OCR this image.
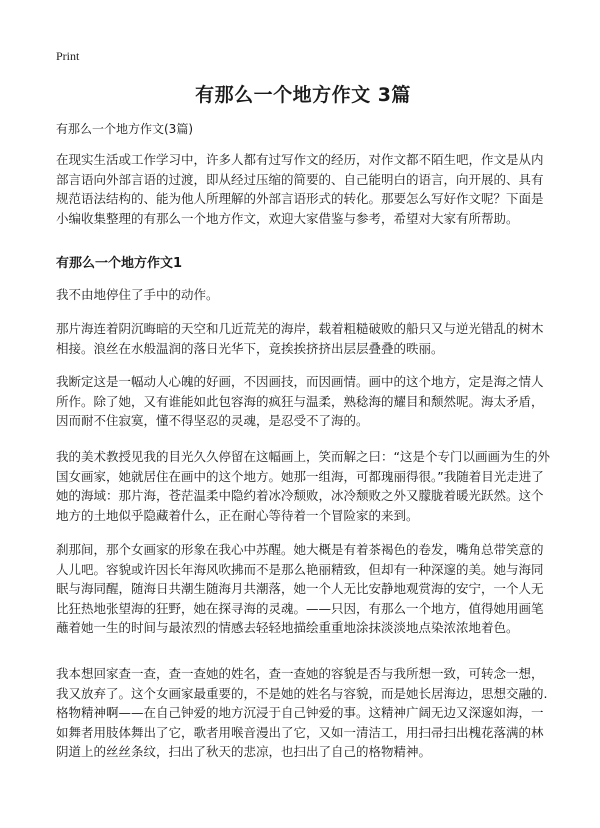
Print
有那么一个地方作文 3篇

有那么一个地方作文(3篇)

在现实生活或工作学习中，许多人都有过写作文的经历，对作文都不陌生吧，作文是从内部言语向外部言语的过渡，即从经过压缩的简要的、自己能明白的语言，向开展的、具有规范语法结构的、能为他人所理解的外部言语形式的转化。那要怎么写好作文呢？下面是小编收集整理的有那么一个地方作文，欢迎大家借鉴与参考，希望对大家有所帮助。

有那么一个地方作文1

我不由地停住了手中的动作。

那片海连着阴沉晦暗的天空和几近荒芜的海岸，载着粗糙破败的船只又与逆光错乱的树木相接。浪丝在水般温润的落日光华下，竟挨挨挤挤出层层叠叠的昳丽。

我断定这是一幅动人心魄的好画，不因画技，而因画情。画中的这个地方，定是海之情人所作。除了她，又有谁能如此包容海的疯狂与温柔，熟稔海的耀目和颓然呢。海太矛盾，因而耐不住寂寞，懂不得坚忍的灵魂，是忍受不了海的。

我的美术教授见我的目光久久停留在这幅画上，笑而解之曰：“这是个专门以画画为生的外国女画家，她就居住在画中的这个地方。她那一组海，可都瑰丽得很。”我随着目光走进了她的海域：那片海，苍茫温柔中隐约着冰冷颓败，冰冷颓败之外又朦胧着暖光跃然。这个地方的土地似乎隐藏着什么，正在耐心等待着一个冒险家的来到。

刹那间，那个女画家的形象在我心中苏醒。她大概是有着茶褐色的卷发，嘴角总带笑意的人儿吧。容貌或许因长年海风吹拂而不是那么艳丽精致，但却有一种深邃的美。她与海同眠与海同醒，随海日共潮生随海月共潮落，她一个人无比安静地观赏海的安宁，一个人无比狂热地张望海的狂野，她在探寻海的灵魂。——只因，有那么一个地方，值得她用画笔蘸着她一生的时间与最浓烈的情感去轻轻地描绘重重地涂抹淡淡地点染浓浓地着色。

我本想回家查一查，查一查她的姓名，查一查她的容貌是否与我所想一致，可转念一想，我又放弃了。这个女画家最重要的，不是她的姓名与容貌，而是她长居海边，思想交融的.格物精神啊——在自己钟爱的地方沉浸于自己钟爱的事。这精神广阔无边又深邃如海，一如舞者用肢体舞出了它，歌者用喉音漫出了它，又如一清洁工，用扫帚扫出槐花落满的林阴道上的丝丝条纹，扫出了秋天的悲凉，也扫出了自己的格物精神。
